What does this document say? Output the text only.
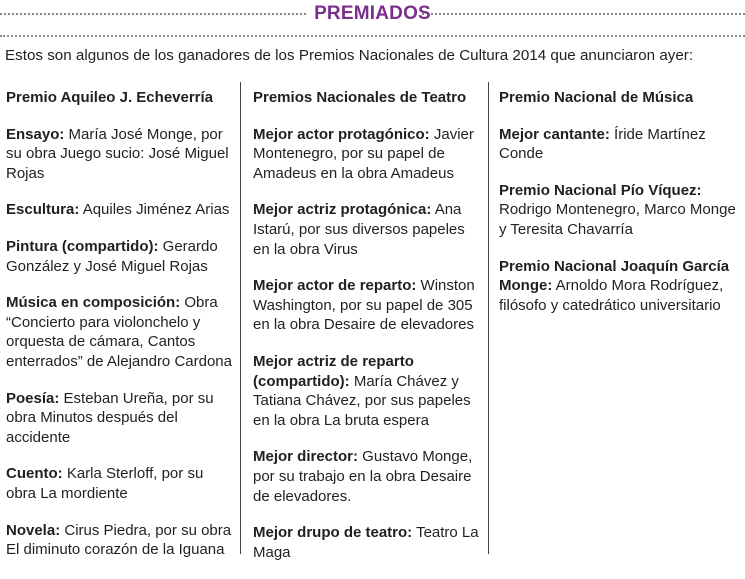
PREMIADOS
Estos son algunos de los ganadores de los Premios Nacionales de Cultura 2014 que anunciaron ayer:
Premio Aquileo J. Echeverría
Ensayo: María José Monge, por su obra Juego sucio: José Miguel Rojas
Escultura: Aquiles Jiménez Arias
Pintura (compartido): Gerardo González y José Miguel Rojas
Música en composición: Obra “Concierto para violonchelo y orquesta de cámara, Cantos enterrados” de Alejandro Cardona
Poesía: Esteban Ureña, por su obra Minutos después del accidente
Cuento: Karla Sterloff, por su obra La mordiente
Novela: Cirus Piedra, por su obra El diminuto corazón de la Iguana
Premios Nacionales de Teatro
Mejor actor protagónico: Javier Montenegro, por su papel de Amadeus en la obra Amadeus
Mejor actriz protagónica: Ana Istarú, por sus diversos papeles en la obra Virus
Mejor actor de reparto: Winston Washington, por su papel de 305 en la obra Desaire de elevadores
Mejor actriz de reparto (compartido): María Chávez y Tatiana Chávez, por sus papeles en la obra La bruta espera
Mejor director: Gustavo Monge, por su trabajo en la obra Desaire de elevadores.
Mejor drupo de teatro: Teatro La Maga
Premio Nacional de Música
Mejor cantante: Íride Martínez Conde
Premio Nacional Pío Víquez: Rodrigo Montenegro, Marco Monge y Teresita Chavarría
Premio Nacional Joaquín García Monge: Arnoldo Mora Rodríguez, filósofo y catedrático universitario
